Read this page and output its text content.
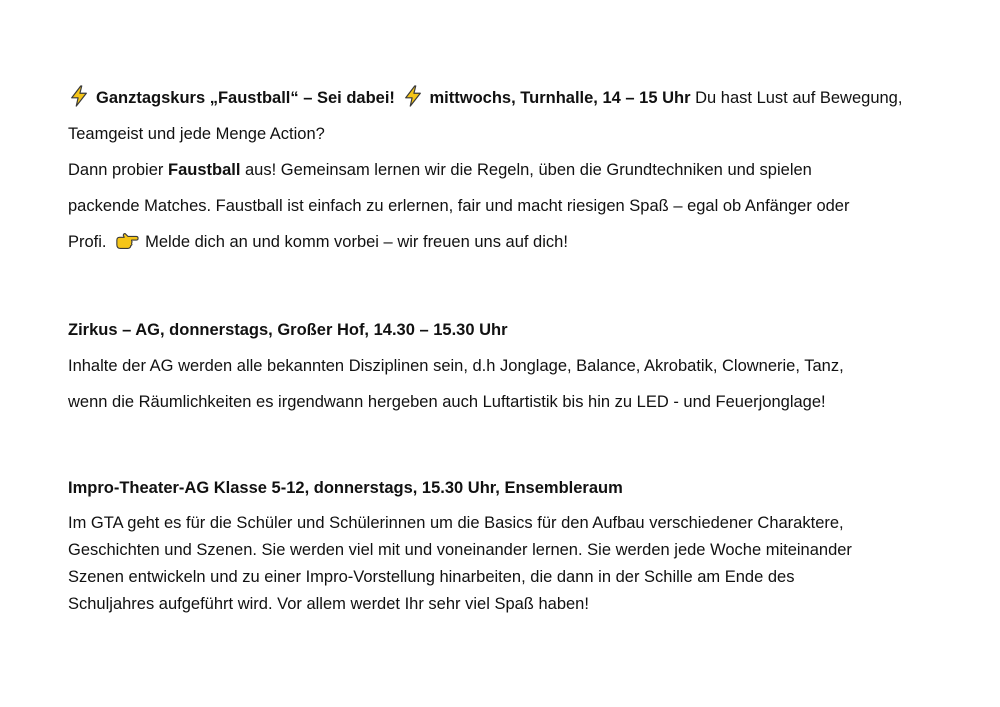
Ganztagskurs „Faustball“ – Sei dabei! mittwochs, Turnhalle, 14 – 15 Uhr Du hast Lust auf Bewegung,

Teamgeist und jede Menge Action?

Dann probier Faustball aus! Gemeinsam lernen wir die Regeln, üben die Grundtechniken und spielen

packende Matches. Faustball ist einfach zu erlernen, fair und macht riesigen Spaß – egal ob Anfänger oder

Profi. Melde dich an und komm vorbei – wir freuen uns auf dich!

Zirkus – AG, donnerstags, Großer Hof, 14.30 – 15.30 Uhr

Inhalte der AG werden alle bekannten Disziplinen sein, d.h Jonglage, Balance, Akrobatik, Clownerie, Tanz,

wenn die Räumlichkeiten es irgendwann hergeben auch Luftartistik bis hin zu LED - und Feuerjonglage!

Impro-Theater-AG Klasse 5-12, donnerstags, 15.30 Uhr, Ensembleraum

Im GTA geht es für die Schüler und Schülerinnen um die Basics für den Aufbau verschiedener Charaktere,

Geschichten und Szenen. Sie werden viel mit und voneinander lernen. Sie werden jede Woche miteinander

Szenen entwickeln und zu einer Impro-Vorstellung hinarbeiten, die dann in der Schille am Ende des

Schuljahres aufgeführt wird. Vor allem werdet Ihr sehr viel Spaß haben!
